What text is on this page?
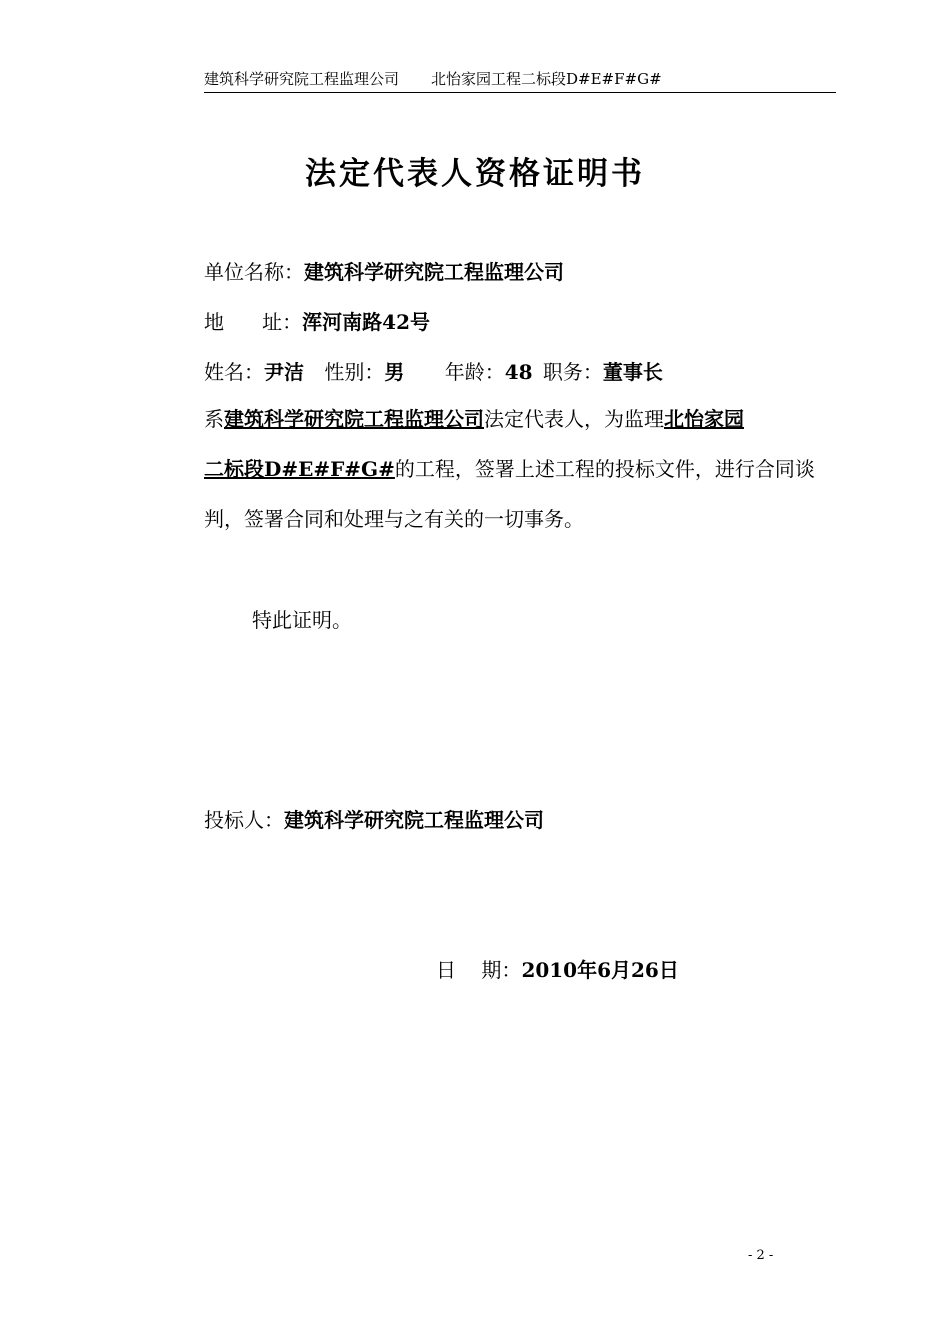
建筑科学研究院工程监理公司 北怡家园工程二标段D#E#F#G#
法定代表人资格证明书
单位名称：建筑科学研究院工程监理公司
地      址：浑河南路42号
姓名：尹洁 性别：男 年龄：48 职务：董事长
系建筑科学研究院工程监理公司法定代表人，为监理北怡家园
二标段D#E#F#G#的工程，签署上述工程的投标文件，进行合同谈
判，签署合同和处理与之有关的一切事务。
特此证明。
投标人：建筑科学研究院工程监理公司
日    期：2010年6月26日
- 2 -
